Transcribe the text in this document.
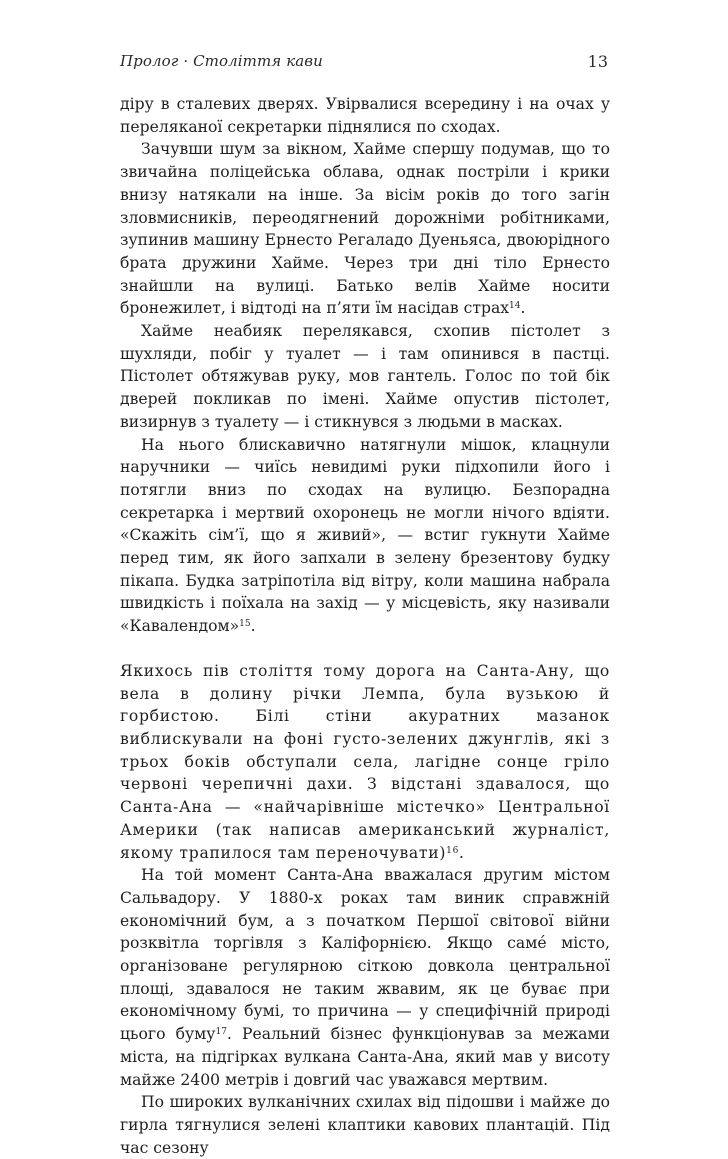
Пролог · Століття кави	13

діру в сталевих дверях. Увірвалися всередину і на очах у переляканої секретарки піднялися по сходах.

Зачувши шум за вікном, Хайме спершу подумав, що то звичайна поліцейська облава, однак постріли і крики внизу натякали на інше. За вісім років до того загін зловмисників, переодягнений дорожніми робітниками, зупинив машину Ернесто Регаладо Дуеньяса, двоюрідного брата дружини Хайме. Через три дні тіло Ернесто знайшли на вулиці. Батько велів Хайме носити бронежилет, і відтоді на п’яти їм насідав страх$^{14}$.

Хайме неабияк перелякався, схопив пістолет з шухляди, побіг у туалет — і там опинився в пастці. Пістолет обтяжував руку, мов гантель. Голос по той бік дверей покликав по імені. Хайме опустив пістолет, визирнув з туалету — і стикнувся з людьми в масках.

На нього блискавично натягнули мішок, клацнули наручники — чиїсь невидимі руки підхопили його і потягли вниз по сходах на вулицю. Безпорадна секретарка і мертвий охоронець не могли нічого вдіяти. «Скажіть сім’ї, що я живий», — встиг гукнути Хайме перед тим, як його запхали в зелену брезентову будку пікапа. Будка затріпотіла від вітру, коли машина набрала швидкість і поїхала на захід — у місцевість, яку називали «Кавалендом»$^{15}$.

Якихось пів століття тому дорога на Санта-Ану, що вела в долину річки Лемпа, була вузькою й горбистою. Білі стіни акуратних мазанок виблискували на фоні густо-зелених джунглів, які з трьох боків обступали села, лагідне сонце гріло червоні черепичні дахи. З відстані здавалося, що Санта-Ана — «найчарівніше містечко» Центральної Америки (так написав американський журналіст, якому трапилося там переночувати)$^{16}$.

На той момент Санта-Ана вважалася другим містом Сальвадору. У 1880-х роках там виник справжній економічний бум, а з початком Першої світової війни розквітла торгівля з Каліфорнією. Якщо саме́ місто, організоване регулярною сіткою довкола центральної площі, здавалося не таким жвавим, як це буває при економічному бумі, то причина — у специфічній природі цього буму$^{17}$. Реальний бізнес функціонував за межами міста, на підгірках вулкана Санта-Ана, який мав у висоту майже 2400 метрів і довгий час уважався мертвим.

По широких вулканічних схилах від підошви і майже до гирла тягнулися зелені клаптики кавових плантацій. Під час сезону
